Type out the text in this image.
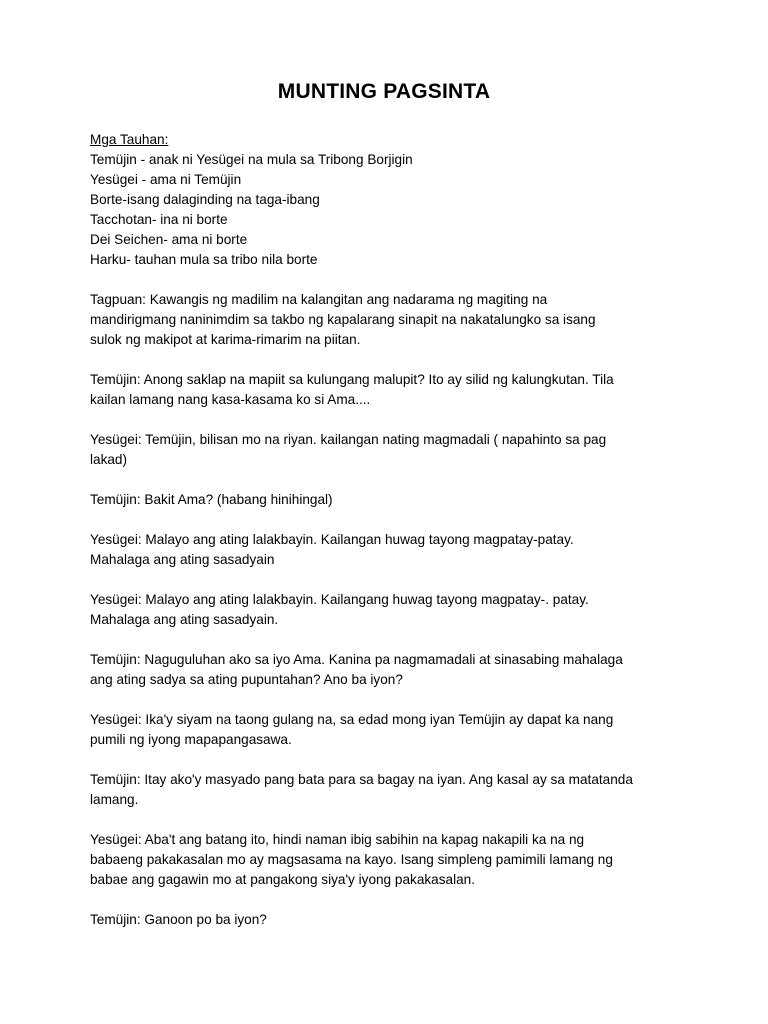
MUNTING PAGSINTA

Mga Tauhan:

Temüjin - anak ni Yesügei na mula sa Tribong Borjigin

Yesügei - ama ni Temüjin

Borte-isang dalaginding na taga-ibang

Tacchotan- ina ni borte

Dei Seichen- ama ni borte

Harku- tauhan mula sa tribo nila borte

Tagpuan: Kawangis ng madilim na kalangitan ang nadarama ng magiting na

mandirigmang naninimdim sa takbo ng kapalarang sinapit na nakatalungko sa isang

sulok ng makipot at karima-rimarim na piitan.

Temüjin: Anong saklap na mapiit sa kulungang malupit? Ito ay silid ng kalungkutan. Tila

kailan lamang nang kasa-kasama ko si Ama....

Yesügei: Temüjin, bilisan mo na riyan. kailangan nating magmadali ( napahinto sa pag

lakad)

Temüjin: Bakit Ama? (habang hinihingal)

Yesügei: Malayo ang ating lalakbayin. Kailangan huwag tayong magpatay-patay.

Mahalaga ang ating sasadyain

Yesügei: Malayo ang ating lalakbayin. Kailangang huwag tayong magpatay-. patay.

Mahalaga ang ating sasadyain.

Temüjin: Naguguluhan ako sa iyo Ama. Kanina pa nagmamadali at sinasabing mahalaga

ang ating sadya sa ating pupuntahan? Ano ba iyon?

Yesügei: Ika'y siyam na taong gulang na, sa edad mong iyan Temüjin ay dapat ka nang

pumili ng iyong mapapangasawa.

Temüjin: Itay ako'y masyado pang bata para sa bagay na iyan. Ang kasal ay sa matatanda

lamang.

Yesügei: Aba't ang batang ito, hindi naman ibig sabihin na kapag nakapili ka na ng

babaeng pakakasalan mo ay magsasama na kayo. Isang simpleng pamimili lamang ng

babae ang gagawin mo at pangakong siya'y iyong pakakasalan.

Temüjin: Ganoon po ba iyon?
